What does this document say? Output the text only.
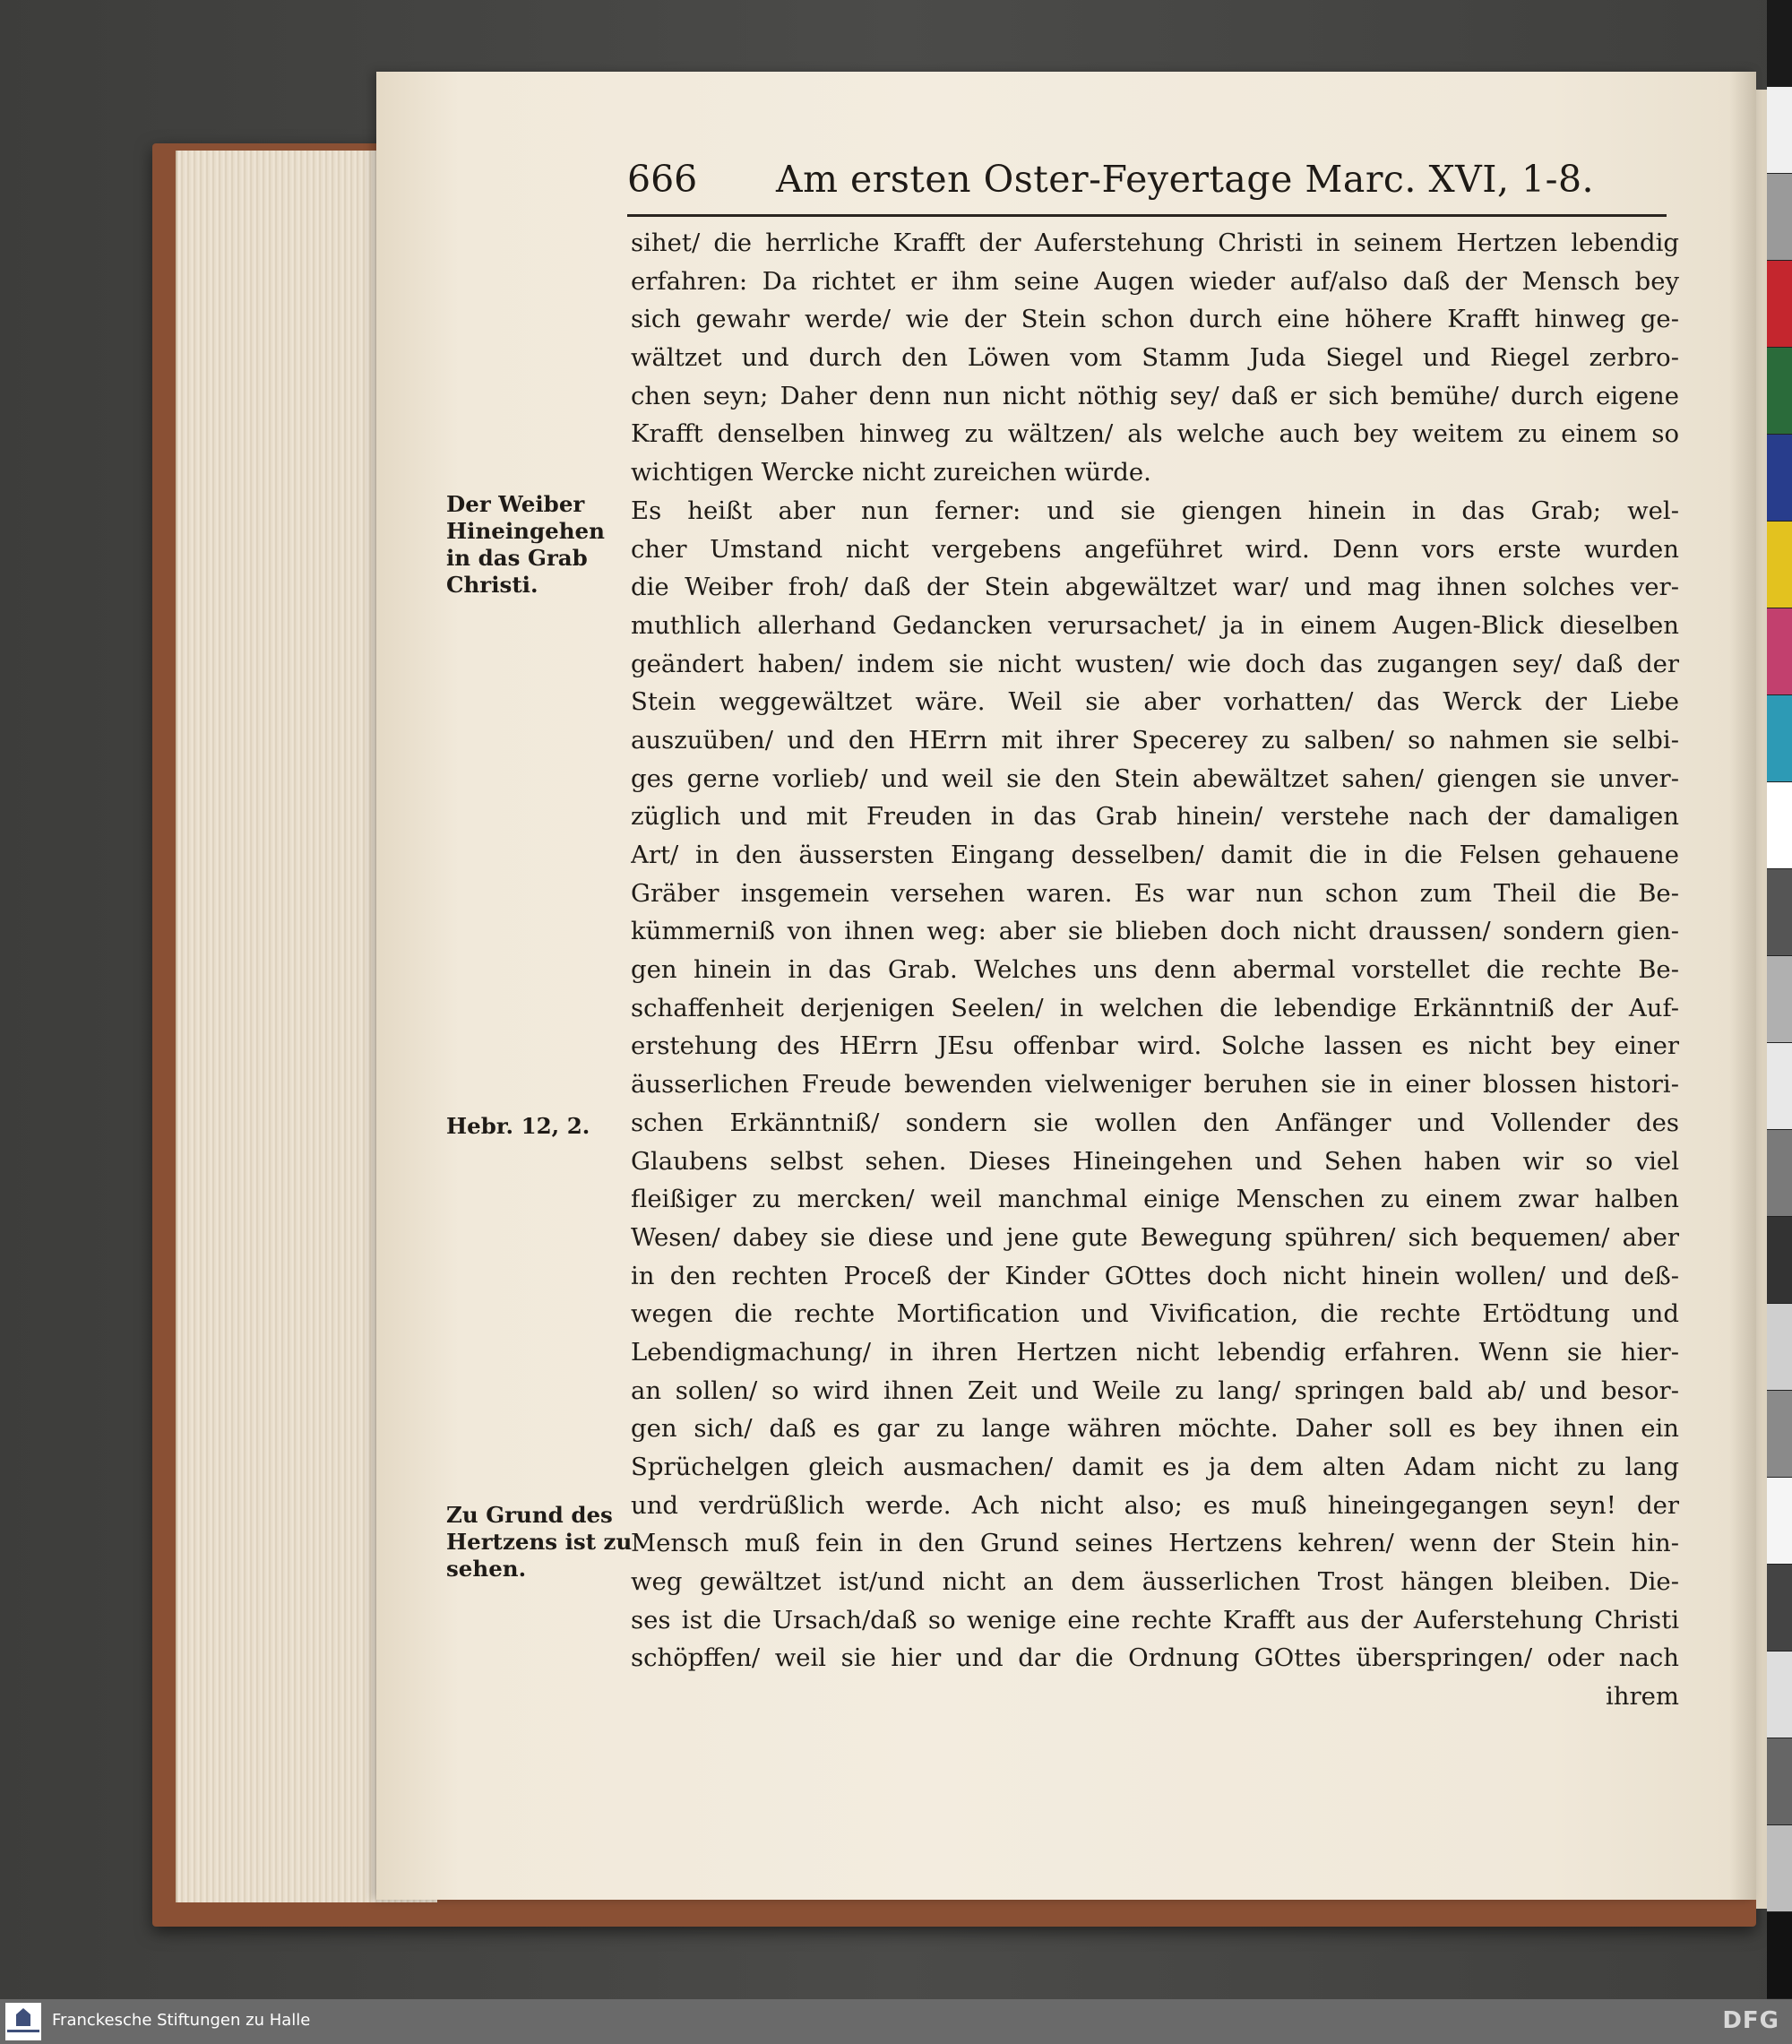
666 Am ersten Oster-Feyertage Marc. XVI, 1-8.
Der Weiber
Hineingehen
in das Grab
Christi.
Hebr. 12, 2.
Zu Grund des
Hertzens ist zu
sehen.
sihet/ die herrliche Krafft der Auferstehung Christi in seinem Hertzen lebendig
erfahren: Da richtet er ihm seine Augen wieder auf/also daß der Mensch bey
sich gewahr werde/ wie der Stein schon durch eine höhere Krafft hinweg ge-
wältzet und durch den Löwen vom Stamm Juda Siegel und Riegel zerbro-
chen seyn; Daher denn nun nicht nöthig sey/ daß er sich bemühe/ durch eigene
Krafft denselben hinweg zu wältzen/ als welche auch bey weitem zu einem so
wichtigen Wercke nicht zureichen würde.
Es heißt aber nun ferner: und sie giengen hinein in das Grab; wel-
cher Umstand nicht vergebens angeführet wird. Denn vors erste wurden
die Weiber froh/ daß der Stein abgewältzet war/ und mag ihnen solches ver-
muthlich allerhand Gedancken verursachet/ ja in einem Augen-Blick dieselben
geändert haben/ indem sie nicht wusten/ wie doch das zugangen sey/ daß der
Stein weggewältzet wäre. Weil sie aber vorhatten/ das Werck der Liebe
auszuüben/ und den HErrn mit ihrer Specerey zu salben/ so nahmen sie selbi-
ges gerne vorlieb/ und weil sie den Stein abewältzet sahen/ giengen sie unver-
züglich und mit Freuden in das Grab hinein/ verstehe nach der damaligen
Art/ in den äussersten Eingang desselben/ damit die in die Felsen gehauene
Gräber insgemein versehen waren. Es war nun schon zum Theil die Be-
kümmerniß von ihnen weg: aber sie blieben doch nicht draussen/ sondern gien-
gen hinein in das Grab. Welches uns denn abermal vorstellet die rechte Be-
schaffenheit derjenigen Seelen/ in welchen die lebendige Erkänntniß der Auf-
erstehung des HErrn JEsu offenbar wird. Solche lassen es nicht bey einer
äusserlichen Freude bewenden vielweniger beruhen sie in einer blossen histori-
schen Erkänntniß/ sondern sie wollen den Anfänger und Vollender des
Glaubens selbst sehen. Dieses Hineingehen und Sehen haben wir so viel
fleißiger zu mercken/ weil manchmal einige Menschen zu einem zwar halben
Wesen/ dabey sie diese und jene gute Bewegung spühren/ sich bequemen/ aber
in den rechten Proceß der Kinder GOttes doch nicht hinein wollen/ und deß-
wegen die rechte Mortification und Vivification, die rechte Ertödtung und
Lebendigmachung/ in ihren Hertzen nicht lebendig erfahren. Wenn sie hier-
an sollen/ so wird ihnen Zeit und Weile zu lang/ springen bald ab/ und besor-
gen sich/ daß es gar zu lange währen möchte. Daher soll es bey ihnen ein
Sprüchelgen gleich ausmachen/ damit es ja dem alten Adam nicht zu lang
und verdrüßlich werde. Ach nicht also; es muß hineingegangen seyn! der
Mensch muß fein in den Grund seines Hertzens kehren/ wenn der Stein hin-
weg gewältzet ist/und nicht an dem äusserlichen Trost hängen bleiben. Die-
ses ist die Ursach/daß so wenige eine rechte Krafft aus der Auferstehung Christi
schöpffen/ weil sie hier und dar die Ordnung GOttes überspringen/ oder nach
ihrem
Franckesche Stiftungen zu Halle	DFG
